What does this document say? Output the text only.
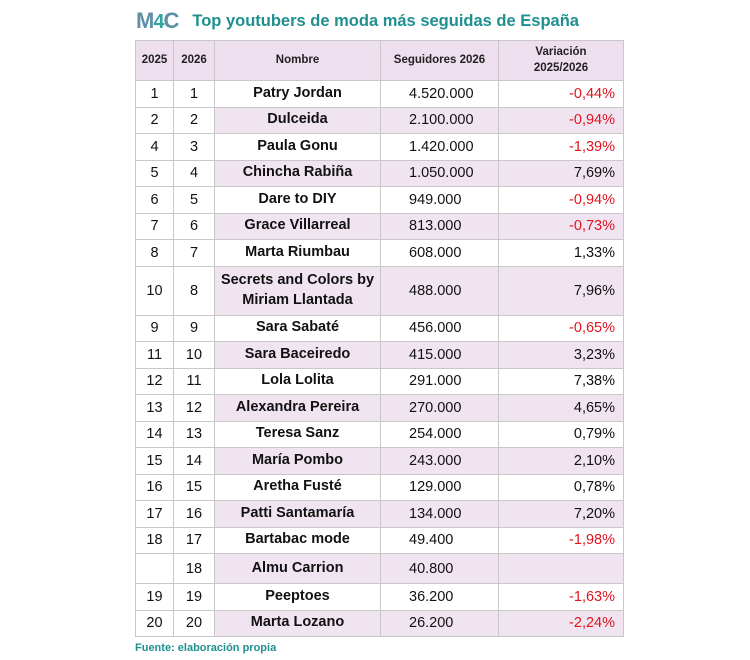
M4C Top youtubers de moda más seguidas de España
2025	2026	Nombre	Seguidores 2026	Variación 2025/2026
1	1	Patry Jordan	4.520.000	-0,44%
2	2	Dulceida	2.100.000	-0,94%
4	3	Paula Gonu	1.420.000	-1,39%
5	4	Chincha Rabiña	1.050.000	7,69%
6	5	Dare to DIY	949.000	-0,94%
7	6	Grace Villarreal	813.000	-0,73%
8	7	Marta Riumbau	608.000	1,33%
10	8	Secrets and Colors by Miriam Llantada	488.000	7,96%
9	9	Sara Sabaté	456.000	-0,65%
11	10	Sara Baceiredo	415.000	3,23%
12	11	Lola Lolita	291.000	7,38%
13	12	Alexandra Pereira	270.000	4,65%
14	13	Teresa Sanz	254.000	0,79%
15	14	María Pombo	243.000	2,10%
16	15	Aretha Fusté	129.000	0,78%
17	16	Patti Santamaría	134.000	7,20%
18	17	Bartabac mode	49.400	-1,98%
	18	Almu Carrion	40.800	
19	19	Peeptoes	36.200	-1,63%
20	20	Marta Lozano	26.200	-2,24%
Fuente: elaboración propia
